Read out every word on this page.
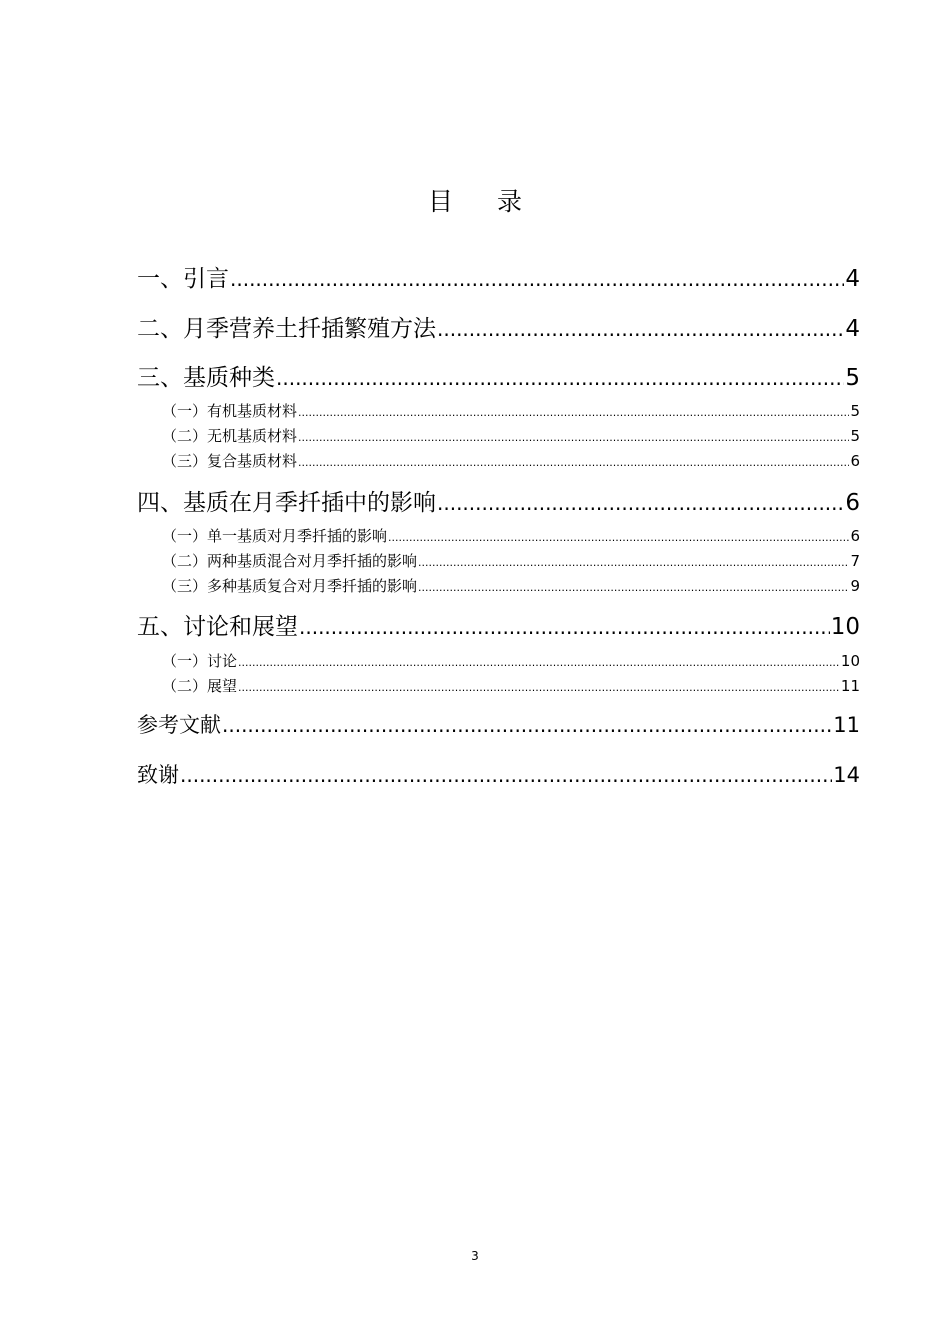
目 录
一、引言 .....	4
二、月季营养土扦插繁殖方法 .....	4
三、基质种类 .....	5
（一）有机基质材料 .....	5
（二）无机基质材料 .....	5
（三）复合基质材料 .....	6
四、基质在月季扦插中的影响 .....	6
（一）单一基质对月季扦插的影响 .....	6
（二）两种基质混合对月季扦插的影响 .....	7
（三）多种基质复合对月季扦插的影响 .....	9
五、讨论和展望 .....	10
（一）讨论 .....	10
（二）展望 .....	11
参考文献 .....	11
致谢 .....	14
3
